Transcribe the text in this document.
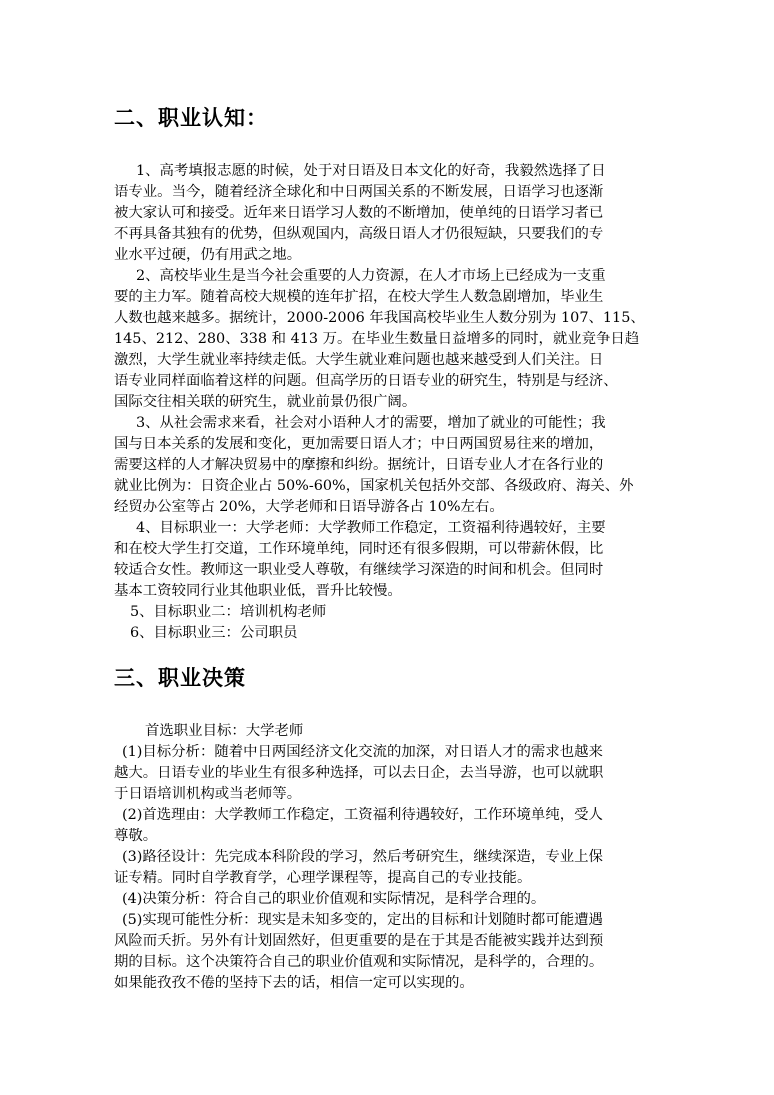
二、职业认知：
1、高考填报志愿的时候，处于对日语及日本文化的好奇，我毅然选择了日
语专业。当今，随着经济全球化和中日两国关系的不断发展，日语学习也逐渐
被大家认可和接受。近年来日语学习人数的不断增加，使单纯的日语学习者已
不再具备其独有的优势，但纵观国内，高级日语人才仍很短缺，只要我们的专
业水平过硬，仍有用武之地。
2、高校毕业生是当今社会重要的人力资源，在人才市场上已经成为一支重
要的主力军。随着高校大规模的连年扩招，在校大学生人数急剧增加，毕业生
人数也越来越多。据统计，2000-2006 年我国高校毕业生人数分别为 107、115、
145、212、280、338 和 413 万。在毕业生数量日益增多的同时，就业竞争日趋
激烈，大学生就业率持续走低。大学生就业难问题也越来越受到人们关注。日
语专业同样面临着这样的问题。但高学历的日语专业的研究生，特别是与经济、
国际交往相关联的研究生，就业前景仍很广阔。
3、从社会需求来看，社会对小语种人才的需要，增加了就业的可能性；我
国与日本关系的发展和变化，更加需要日语人才；中日两国贸易往来的增加，
需要这样的人才解决贸易中的摩擦和纠纷。据统计，日语专业人才在各行业的
就业比例为：日资企业占 50%-60%，国家机关包括外交部、各级政府、海关、外
经贸办公室等占 20%，大学老师和日语导游各占 10%左右。
4、目标职业一：大学老师：大学教师工作稳定，工资福利待遇较好，主要
和在校大学生打交道，工作环境单纯，同时还有很多假期，可以带薪休假，比
较适合女性。教师这一职业受人尊敬，有继续学习深造的时间和机会。但同时
基本工资较同行业其他职业低，晋升比较慢。
5、目标职业二：培训机构老师
6、目标职业三：公司职员
三、职业决策
首选职业目标：大学老师
(1)目标分析：随着中日两国经济文化交流的加深，对日语人才的需求也越来
越大。日语专业的毕业生有很多种选择，可以去日企，去当导游，也可以就职
于日语培训机构或当老师等。
(2)首选理由：大学教师工作稳定，工资福利待遇较好，工作环境单纯，受人
尊敬。
(3)路径设计：先完成本科阶段的学习，然后考研究生，继续深造，专业上保
证专精。同时自学教育学，心理学课程等，提高自己的专业技能。
(4)决策分析：符合自己的职业价值观和实际情况，是科学合理的。
(5)实现可能性分析：现实是未知多变的，定出的目标和计划随时都可能遭遇
风险而夭折。另外有计划固然好，但更重要的是在于其是否能被实践并达到预
期的目标。这个决策符合自己的职业价值观和实际情况，是科学的，合理的。
如果能孜孜不倦的坚持下去的话，相信一定可以实现的。
